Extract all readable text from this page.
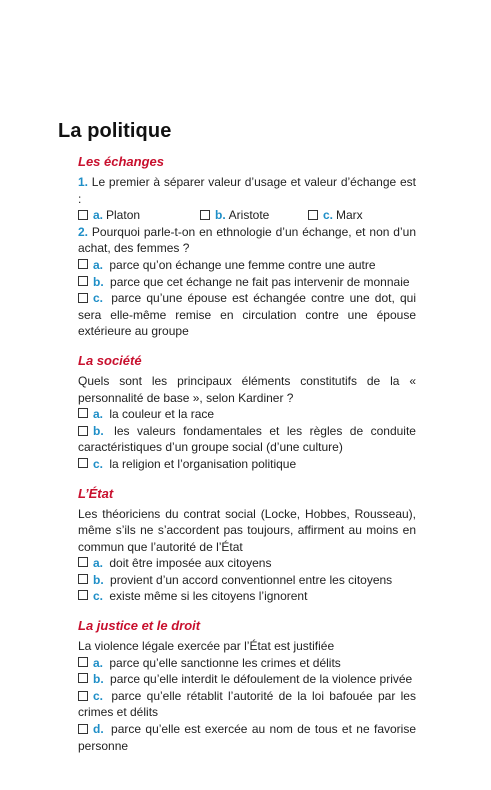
La politique
Les échanges

1. Le premier à séparer valeur d’usage et valeur d’échange est :

a. Platon	b. Aristote	c. Marx

2. Pourquoi parle-t-on en ethnologie d’un échange, et non d’un achat, des femmes ?

a. parce qu’on échange une femme contre une autre
b. parce que cet échange ne fait pas intervenir de monnaie

c. parce qu’une épouse est échangée contre une dot, qui sera elle-même remise en circulation contre une épouse extérieure au groupe

La société

Quels sont les principaux éléments constitutifs de la « personnalité de base », selon Kardiner ?

a. la couleur et la race

b. les valeurs fondamentales et les règles de conduite caractéristiques d’un groupe social (d’une culture)

c. la religion et l’organisation politique
L’État

Les théoriciens du contrat social (Locke, Hobbes, Rousseau), même s’ils ne s’accordent pas toujours, affirment au moins en commun que l’autorité de l’État

a. doit être imposée aux citoyens
b. provient d’un accord conventionnel entre les citoyens
c. existe même si les citoyens l’ignorent
La justice et le droit

La violence légale exercée par l’État est justifiée

a. parce qu’elle sanctionne les crimes et délits
b. parce qu’elle interdit le défoulement de la violence privée

c. parce qu’elle rétablit l’autorité de la loi bafouée par les crimes et délits

d. parce qu’elle est exercée au nom de tous et ne favorise personne
